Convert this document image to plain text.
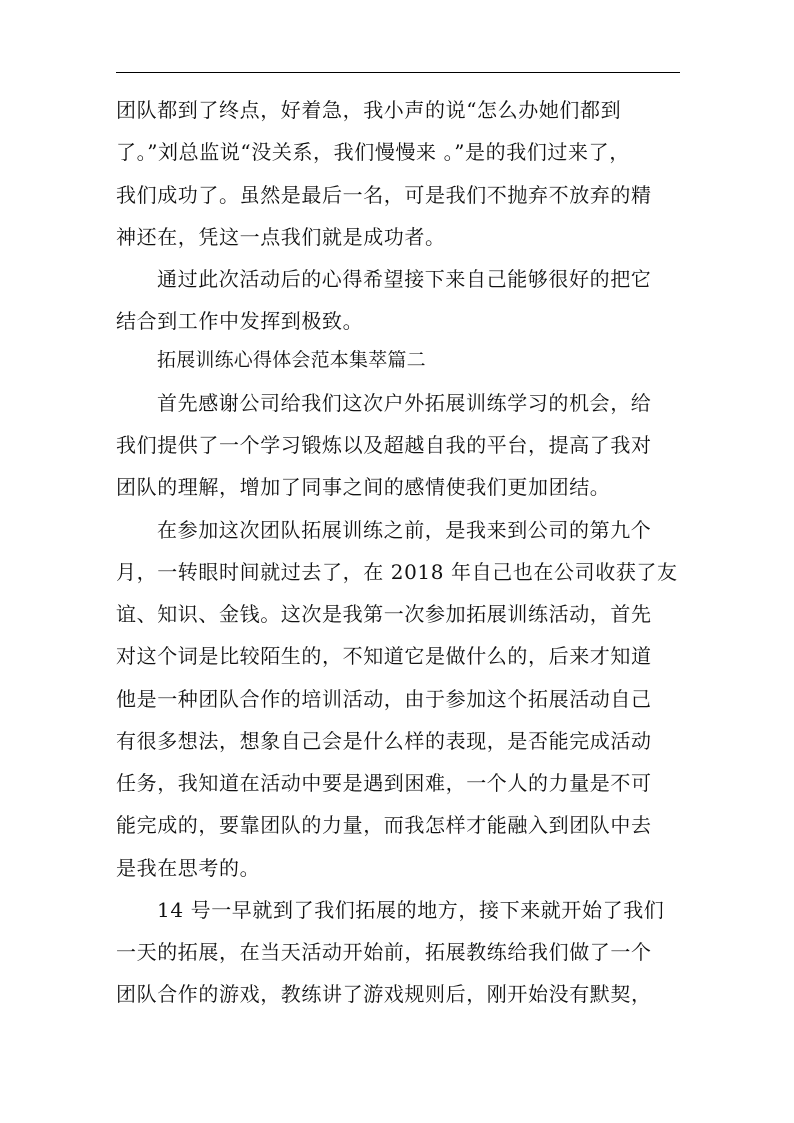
团队都到了终点，好着急，我小声的说“怎么办她们都到
了。”刘总监说“没关系，我们慢慢来 。”是的我们过来了，
我们成功了。虽然是最后一名，可是我们不抛弃不放弃的精
神还在，凭这一点我们就是成功者。
通过此次活动后的心得希望接下来自己能够很好的把它
结合到工作中发挥到极致。
拓展训练心得体会范本集萃篇二
首先感谢公司给我们这次户外拓展训练学习的机会，给
我们提供了一个学习锻炼以及超越自我的平台，提高了我对
团队的理解，增加了同事之间的感情使我们更加团结。
在参加这次团队拓展训练之前，是我来到公司的第九个
月，一转眼时间就过去了，在 2018 年自己也在公司收获了友
谊、知识、金钱。这次是我第一次参加拓展训练活动，首先
对这个词是比较陌生的，不知道它是做什么的，后来才知道
他是一种团队合作的培训活动，由于参加这个拓展活动自己
有很多想法，想象自己会是什么样的表现，是否能完成活动
任务，我知道在活动中要是遇到困难，一个人的力量是不可
能完成的，要靠团队的力量，而我怎样才能融入到团队中去
是我在思考的。
14 号一早就到了我们拓展的地方，接下来就开始了我们
一天的拓展，在当天活动开始前，拓展教练给我们做了一个
团队合作的游戏，教练讲了游戏规则后，刚开始没有默契，
